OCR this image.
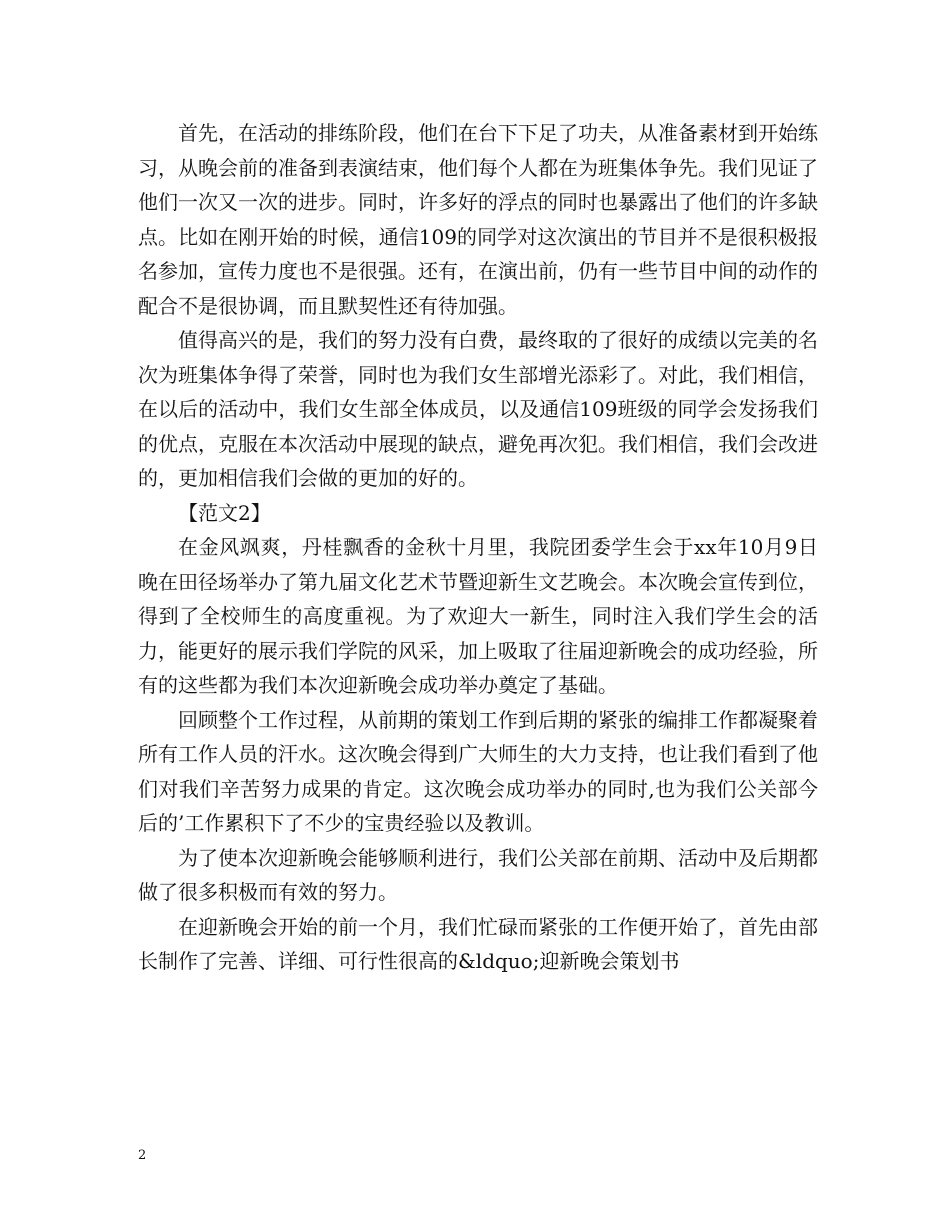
首先，在活动的排练阶段，他们在台下下足了功夫，从准备素材到开始练习，从晚会前的准备到表演结束，他们每个人都在为班集体争先。我们见证了他们一次又一次的进步。同时，许多好的浮点的同时也暴露出了他们的许多缺点。比如在刚开始的时候，通信109的同学对这次演出的节目并不是很积极报名参加，宣传力度也不是很强。还有，在演出前，仍有一些节目中间的动作的配合不是很协调，而且默契性还有待加强。

值得高兴的是，我们的努力没有白费，最终取的了很好的成绩以完美的名次为班集体争得了荣誉，同时也为我们女生部增光添彩了。对此，我们相信，在以后的活动中，我们女生部全体成员，以及通信109班级的同学会发扬我们的优点，克服在本次活动中展现的缺点，避免再次犯。我们相信，我们会改进的，更加相信我们会做的更加的好的。

【范文2】

在金风飒爽，丹桂飘香的金秋十月里，我院团委学生会于xx年10月9日晚在田径场举办了第九届文化艺术节暨迎新生文艺晚会。本次晚会宣传到位，得到了全校师生的高度重视。为了欢迎大一新生，同时注入我们学生会的活力，能更好的展示我们学院的风采，加上吸取了往届迎新晚会的成功经验，所有的这些都为我们本次迎新晚会成功举办奠定了基础。

回顾整个工作过程，从前期的策划工作到后期的紧张的编排工作都凝聚着所有工作人员的汗水。这次晚会得到广大师生的大力支持，也让我们看到了他们对我们辛苦努力成果的肯定。这次晚会成功举办的同时,也为我们公关部今后的’工作累积下了不少的宝贵经验以及教训。

为了使本次迎新晚会能够顺利进行，我们公关部在前期、活动中及后期都做了很多积极而有效的努力。

在迎新晚会开始的前一个月，我们忙碌而紧张的工作便开始了，首先由部长制作了完善、详细、可行性很高的&ldquo;迎新晚会策划书

2
